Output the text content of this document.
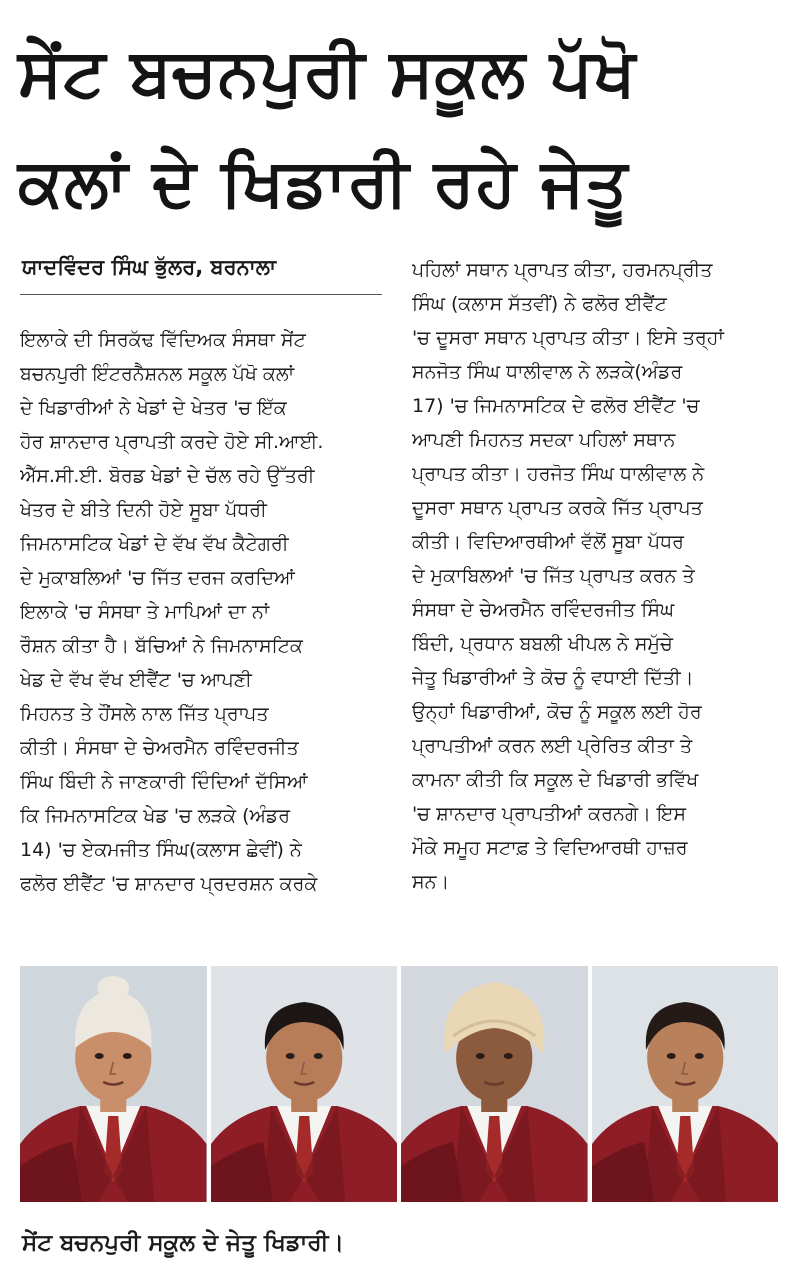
ਸੇਂਟ ਬਚਨਪੁਰੀ ਸਕੂਲ ਪੱਖੋ
ਕਲਾਂ ਦੇ ਖਿਡਾਰੀ ਰਹੇ ਜੇਤੂ
ਯਾਦਵਿੰਦਰ ਸਿੰਘ ਭੁੱਲਰ, ਬਰਨਾਲਾ
ਇਲਾਕੇ ਦੀ ਸਿਰਕੱਢ ਵਿੱਦਿਅਕ ਸੰਸਥਾ ਸੇਂਟ
ਬਚਨਪੁਰੀ ਇੰਟਰਨੈਸ਼ਨਲ ਸਕੂਲ ਪੱਖੋ ਕਲਾਂ
ਦੇ ਖਿਡਾਰੀਆਂ ਨੇ ਖੇਡਾਂ ਦੇ ਖੇਤਰ 'ਚ ਇੱਕ
ਹੋਰ ਸ਼ਾਨਦਾਰ ਪ੍ਰਾਪਤੀ ਕਰਦੇ ਹੋਏ ਸੀ.ਆਈ.
ਐੱਸ.ਸੀ.ਈ. ਬੋਰਡ ਖੇਡਾਂ ਦੇ ਚੱਲ ਰਹੇ ਉੱਤਰੀ
ਖੇਤਰ ਦੇ ਬੀਤੇ ਦਿਨੀ ਹੋਏ ਸੂਬਾ ਪੱਧਰੀ
ਜਿਮਨਾਸਟਿਕ ਖੇਡਾਂ ਦੇ ਵੱਖ ਵੱਖ ਕੈਟੇਗਰੀ
ਦੇ ਮੁਕਾਬਲਿਆਂ 'ਚ ਜਿੱਤ ਦਰਜ ਕਰਦਿਆਂ
ਇਲਾਕੇ 'ਚ ਸੰਸਥਾ ਤੇ ਮਾਪਿਆਂ ਦਾ ਨਾਂ
ਰੌਸ਼ਨ ਕੀਤਾ ਹੈ। ਬੱਚਿਆਂ ਨੇ ਜਿਮਨਾਸਟਿਕ
ਖੇਡ ਦੇ ਵੱਖ ਵੱਖ ਈਵੈਂਟ 'ਚ ਆਪਣੀ
ਮਿਹਨਤ ਤੇ ਹੌਂਸਲੇ ਨਾਲ ਜਿੱਤ ਪ੍ਰਾਪਤ
ਕੀਤੀ। ਸੰਸਥਾ ਦੇ ਚੇਅਰਮੈਨ ਰਵਿੰਦਰਜੀਤ
ਸਿੰਘ ਬਿੰਦੀ ਨੇ ਜਾਣਕਾਰੀ ਦਿੰਦਿਆਂ ਦੱਸਿਆਂ
ਕਿ ਜਿਮਨਾਸਟਿਕ ਖੇਡ 'ਚ ਲੜਕੇ (ਅੰਡਰ
14) 'ਚ ਏਕਮਜੀਤ ਸਿੰਘ(ਕਲਾਸ ਛੇਵੀਂ) ਨੇ
ਫਲੋਰ ਈਵੈਂਟ 'ਚ ਸ਼ਾਨਦਾਰ ਪ੍ਰਦਰਸ਼ਨ ਕਰਕੇ
ਪਹਿਲਾਂ ਸਥਾਨ ਪ੍ਰਾਪਤ ਕੀਤਾ, ਹਰਮਨਪ੍ਰੀਤ
ਸਿੰਘ (ਕਲਾਸ ਸੱਤਵੀਂ) ਨੇ ਫਲੋਰ ਈਵੈਂਟ
'ਚ ਦੂਸਰਾ ਸਥਾਨ ਪ੍ਰਾਪਤ ਕੀਤਾ। ਇਸੇ ਤਰ੍ਹਾਂ
ਸਨਜੋਤ ਸਿੰਘ ਧਾਲੀਵਾਲ ਨੇ ਲੜਕੇ(ਅੰਡਰ
17) 'ਚ ਜਿਮਨਾਸਟਿਕ ਦੇ ਫਲੋਰ ਈਵੈਂਟ 'ਚ
ਆਪਣੀ ਮਿਹਨਤ ਸਦਕਾ ਪਹਿਲਾਂ ਸਥਾਨ
ਪ੍ਰਾਪਤ ਕੀਤਾ। ਹਰਜੋਤ ਸਿੰਘ ਧਾਲੀਵਾਲ ਨੇ
ਦੂਸਰਾ ਸਥਾਨ ਪ੍ਰਾਪਤ ਕਰਕੇ ਜਿੱਤ ਪ੍ਰਾਪਤ
ਕੀਤੀ। ਵਿਦਿਆਰਥੀਆਂ ਵੱਲੋਂ ਸੂਬਾ ਪੱਧਰ
ਦੇ ਮੁਕਾਬਿਲਆਂ 'ਚ ਜਿੱਤ ਪ੍ਰਾਪਤ ਕਰਨ ਤੇ
ਸੰਸਥਾ ਦੇ ਚੇਅਰਮੈਨ ਰਵਿੰਦਰਜੀਤ ਸਿੰਘ
ਬਿੰਦੀ, ਪ੍ਰਧਾਨ ਬਬਲੀ ਖੀਪਲ ਨੇ ਸਮੁੱਚੇ
ਜੇਤੂ ਖਿਡਾਰੀਆਂ ਤੇ ਕੋਚ ਨੂੰ ਵਧਾਈ ਦਿੱਤੀ।
ਉਨ੍ਹਾਂ ਖਿਡਾਰੀਆਂ, ਕੋਚ ਨੂੰ ਸਕੂਲ ਲਈ ਹੋਰ
ਪ੍ਰਾਪਤੀਆਂ ਕਰਨ ਲਈ ਪ੍ਰੇਰਿਤ ਕੀਤਾ ਤੇ
ਕਾਮਨਾ ਕੀਤੀ ਕਿ ਸਕੂਲ ਦੇ ਖਿਡਾਰੀ ਭਵਿੱਖ
'ਚ ਸ਼ਾਨਦਾਰ ਪ੍ਰਾਪਤੀਆਂ ਕਰਨਗੇ। ਇਸ
ਮੌਕੇ ਸਮੂਹ ਸਟਾਫ਼ ਤੇ ਵਿਦਿਆਰਥੀ ਹਾਜ਼ਰ
ਸਨ।
ਸੇਂਟ ਬਚਨਪੁਰੀ ਸਕੂਲ ਦੇ ਜੇਤੂ ਖਿਡਾਰੀ।
